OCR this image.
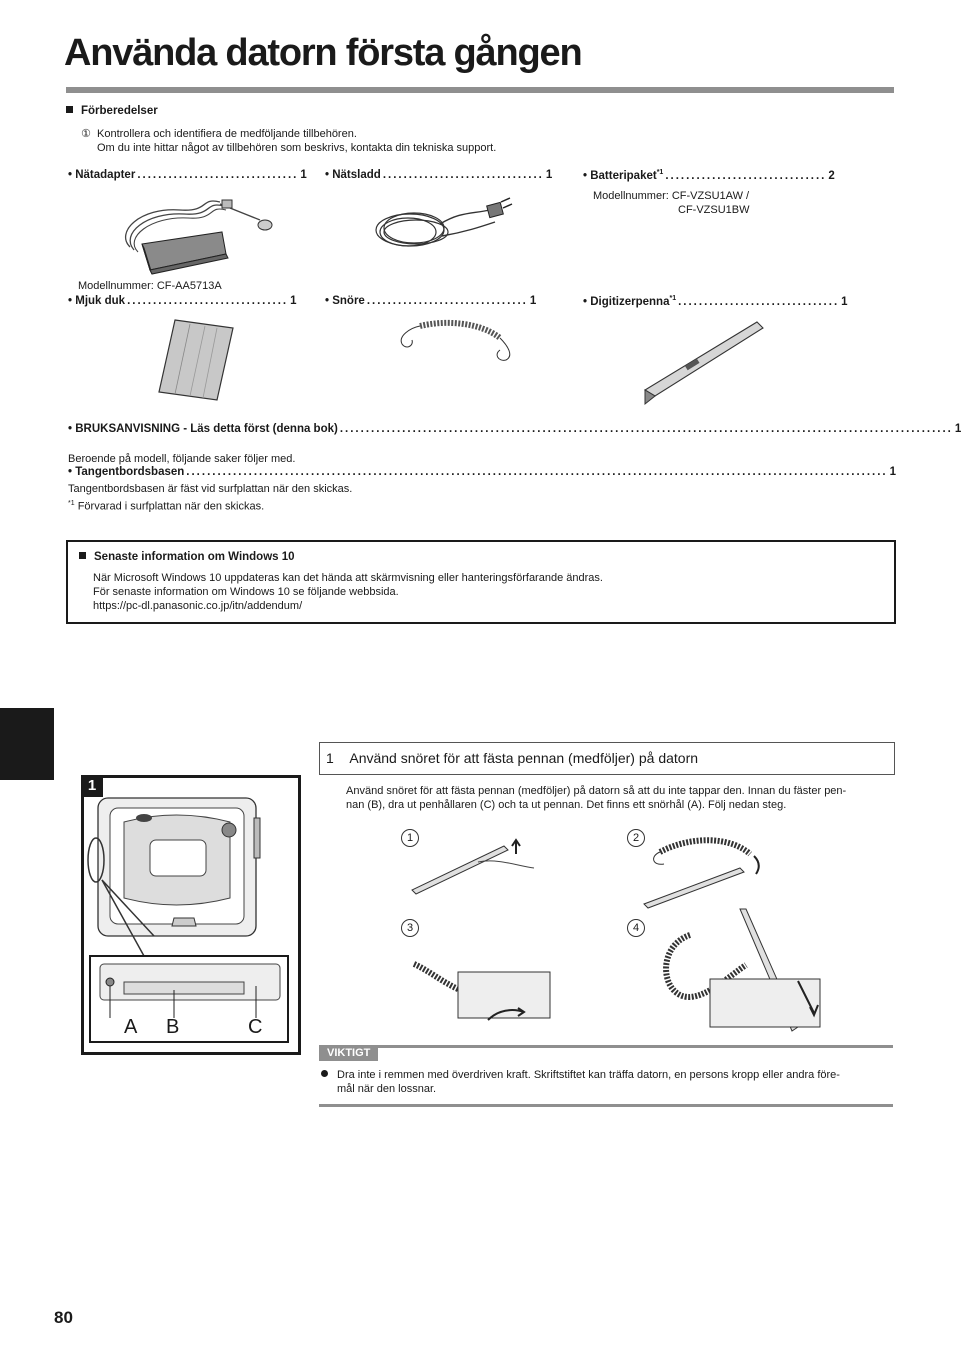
Använda datorn första gången
Förberedelser
① Kontrollera och identifiera de medföljande tillbehören.
Om du inte hittar något av tillbehören som beskrivs, kontakta din tekniska support.
• Nätadapter ............................... 1 • Nätsladd ............................... 1	• Batteripaket$^{*1}$ ............................... 2
Modellnummer: CF-VZSU1AW /
CF-VZSU1BW
Modellnummer: CF-AA5713A
• Mjuk duk ............................... 1 • Snöre ............................... 1	• Digitizerpenna$^{*1}$ ............................... 1
• BRUKSANVISNING - Läs detta först (denna bok) ...................................................................................................................... 1
Beroende på modell, följande saker följer med.
• Tangentbordsbasen ....................................................................................................................................... 1
Tangentbordsbasen är fäst vid surfplattan när den skickas.
$^{*1}$ Förvarad i surfplattan när den skickas.
Senaste information om Windows 10
När Microsoft Windows 10 uppdateras kan det hända att skärmvisning eller hanteringsförfarande ändras.
För senaste information om Windows 10 se följande webbsida.
https://pc-dl.panasonic.co.jp/itn/addendum/
1 Använd snöret för att fästa pennan (medföljer) på datorn
Använd snöret för att fästa pennan (medföljer) på datorn så att du inte tappar den. Innan du fäster pen-
nan (B), dra ut penhållaren (C) och ta ut pennan. Det finns ett snörhål (A). Följ nedan steg.
1
A B	C
1	2
3	4
VIKTIGT
Dra inte i remmen med överdriven kraft. Skriftstiftet kan träffa datorn, en persons kropp eller andra före-
mål när den lossnar.
80
